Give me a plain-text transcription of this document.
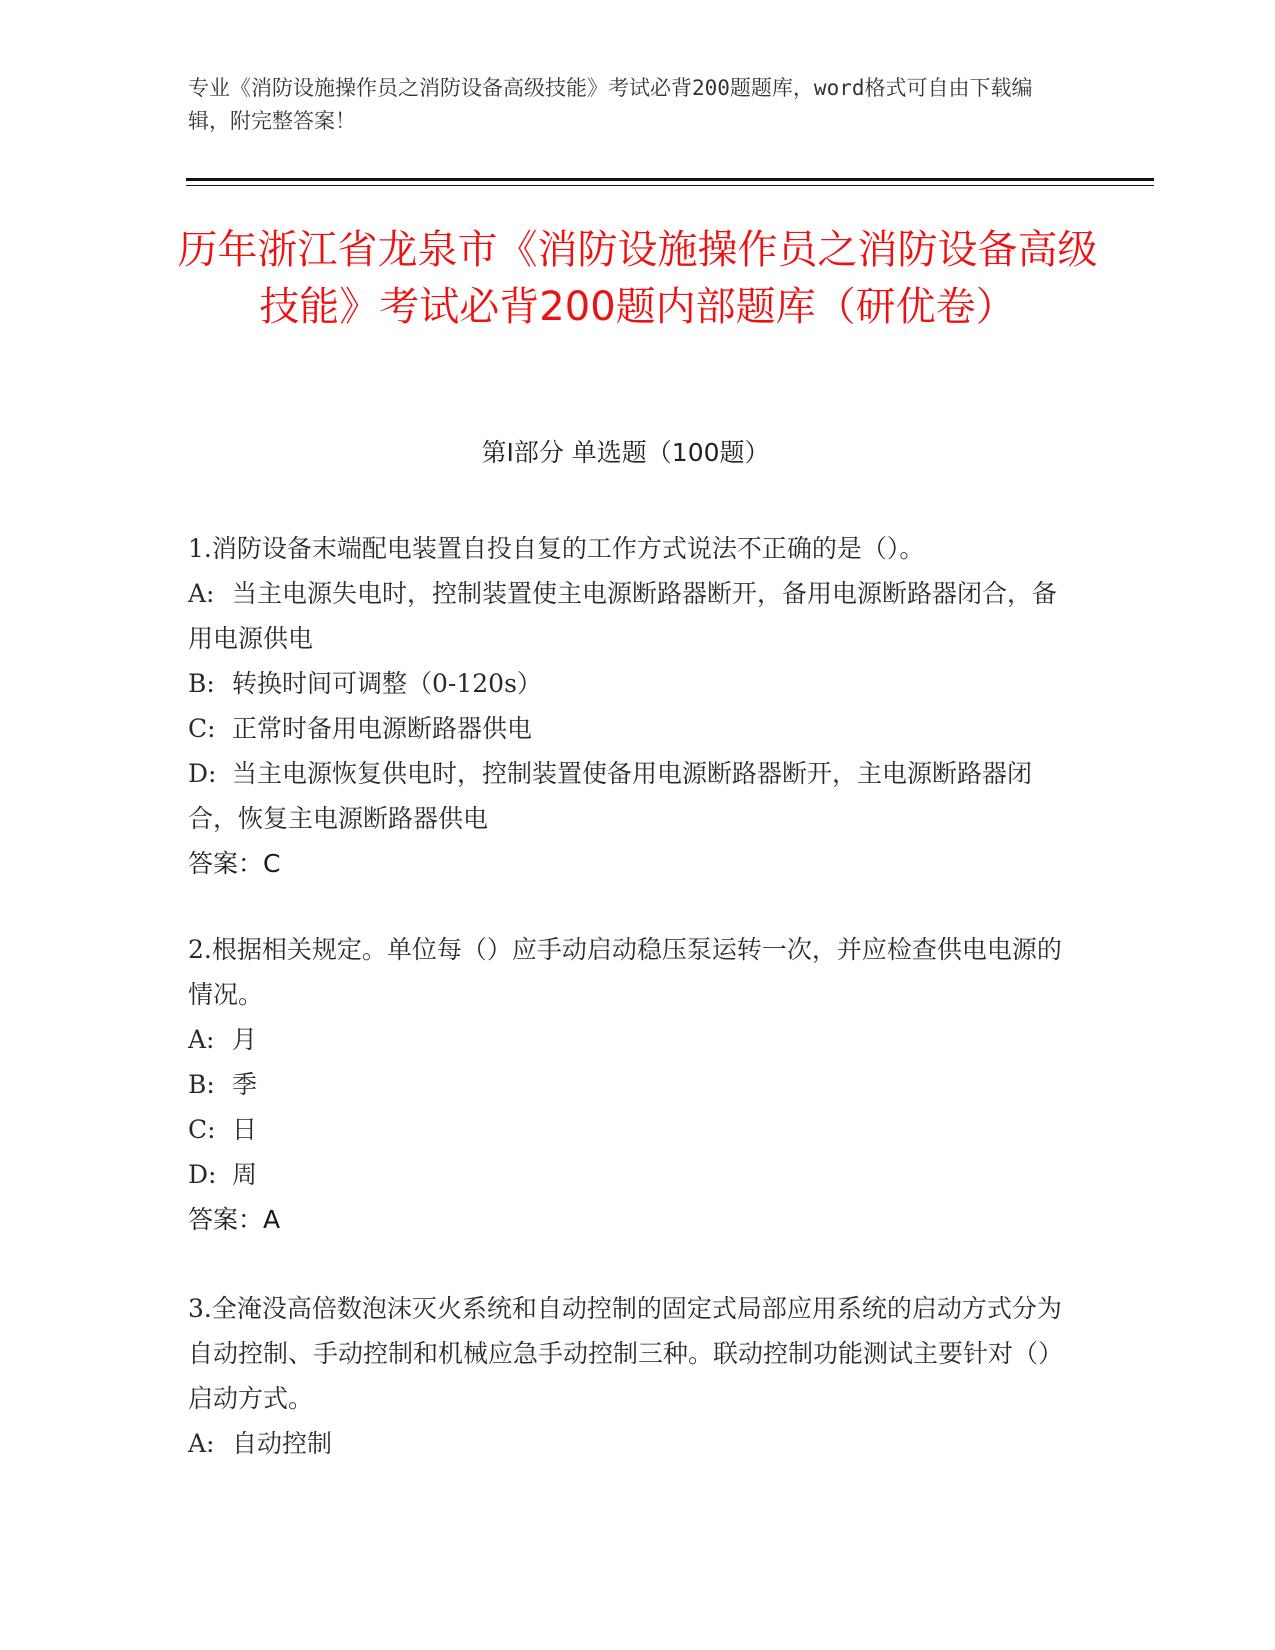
专业《消防设施操作员之消防设备高级技能》考试必背200题题库，word格式可自由下载编辑，附完整答案！
历年浙江省龙泉市《消防设施操作员之消防设备高级技能》考试必背200题内部题库（研优卷）
第Ⅰ部分 单选题（100题）
1.消防设备末端配电装置自投自复的工作方式说法不正确的是（）。
A: 当主电源失电时，控制装置使主电源断路器断开，备用电源断路器闭合，备用电源供电
B: 转换时间可调整（0-120s）
C: 正常时备用电源断路器供电
D: 当主电源恢复供电时，控制装置使备用电源断路器断开，主电源断路器闭合，恢复主电源断路器供电
答案：C
2.根据相关规定。单位每（）应手动启动稳压泵运转一次，并应检查供电电源的情况。
A: 月
B: 季
C: 日
D: 周
答案：A
3.全淹没高倍数泡沫灭火系统和自动控制的固定式局部应用系统的启动方式分为自动控制、手动控制和机械应急手动控制三种。联动控制功能测试主要针对（）启动方式。
A: 自动控制
